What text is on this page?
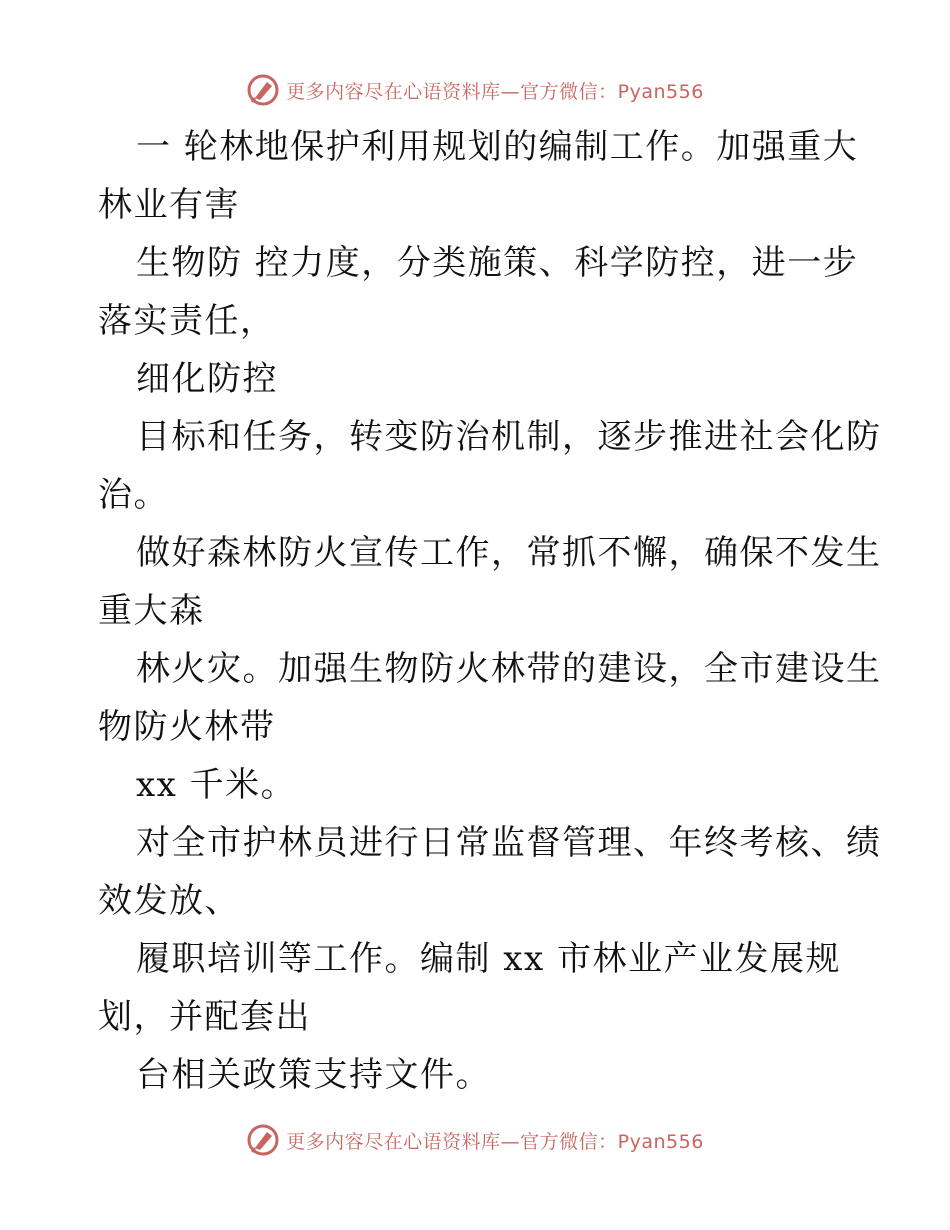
更多内容尽在心语资料库—官方微信：Pyan556
一 轮林地保护利用规划的编制工作。加强重大
林业有害
生物防 控力度，分类施策、科学防控，进一步
落实责任，
细化防控
目标和任务，转变防治机制，逐步推进社会化防
治。
做好森林防火宣传工作，常抓不懈，确保不发生
重大森
林火灾。加强生物防火林带的建设，全市建设生
物防火林带
xx 千米。
对全市护林员进行日常监督管理、年终考核、绩
效发放、
履职培训等工作。编制 xx 市林业产业发展规
划，并配套出
台相关政策支持文件。
更多内容尽在心语资料库—官方微信：Pyan556
